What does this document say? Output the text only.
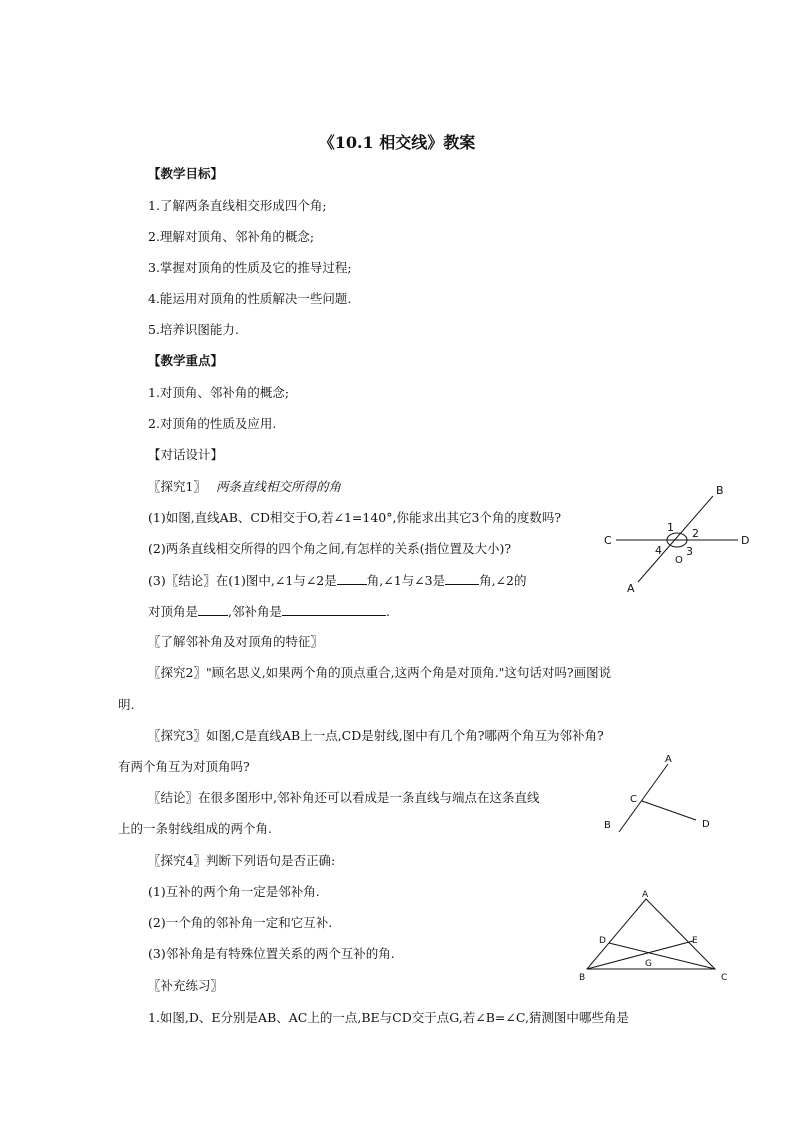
《10.1 相交线》教案
【教学目标】
1.了解两条直线相交形成四个角;
2.理解对顶角、邻补角的概念;
3.掌握对顶角的性质及它的推导过程;
4.能运用对顶角的性质解决一些问题.
5.培养识图能力.
【教学重点】
1.对顶角、邻补角的概念;
2.对顶角的性质及应用.
【对话设计】
〖探究1〗 两条直线相交所得的角
(1)如图,直线AB、CD相交于O,若∠1=140°,你能求出其它3个角的度数吗?
(2)两条直线相交所得的四个角之间,有怎样的关系(指位置及大小)?
(3)〖结论〗在(1)图中,∠1与∠2是 角,∠1与∠3是	角,∠2的
对顶角是 ,邻补角是	.
〖了解邻补角及对顶角的特征〗
〖探究2〗"顾名思义,如果两个角的顶点重合,这两个角是对顶角."这句话对吗?画图说
明.
〖探究3〗如图,C是直线AB上一点,CD是射线,图中有几个角?哪两个角互为邻补角?
有两个角互为对顶角吗?
〖结论〗在很多图形中,邻补角还可以看成是一条直线与端点在这条直线
上的一条射线组成的两个角.
〖探究4〗判断下列语句是否正确:
(1)互补的两个角一定是邻补角.
(2)一个角的邻补角一定和它互补.
(3)邻补角是有特殊位置关系的两个互补的角.
〖补充练习〗
1.如图,D、E分别是AB、AC上的一点,BE与CD交于点G,若∠B=∠C,猜测图中哪些角是
B
A
C	D
O
1 2
3
4
A
B
C
D
A
B	C
D	E
G
